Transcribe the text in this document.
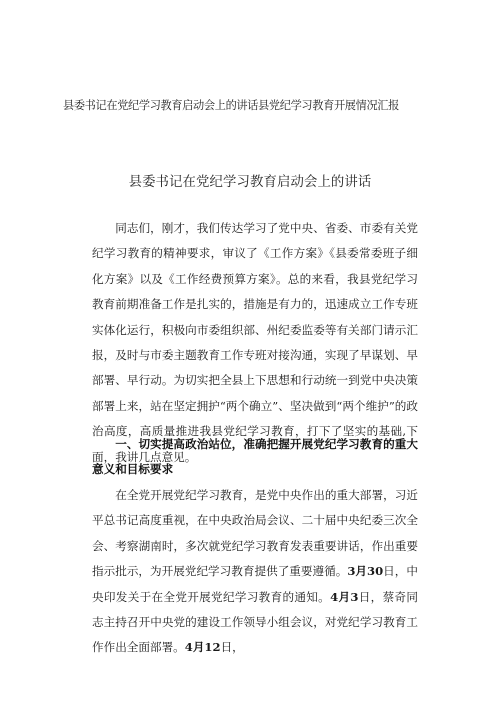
县委书记在党纪学习教育启动会上的讲话县党纪学习教育开展情况汇报
县委书记在党纪学习教育启动会上的讲话

同志们，刚才，我们传达学习了党中央、省委、市委有关党纪学习教育的精神要求，审议了《工作方案》《县委常委班子细化方案》以及《工作经费预算方案》。总的来看，我县党纪学习教育前期准备工作是扎实的，措施是有力的，迅速成立工作专班实体化运行，积极向市委组织部、州纪委监委等有关部门请示汇报，及时与市委主题教育工作专班对接沟通，实现了早谋划、早部署、早行动。为切实把全县上下思想和行动统一到党中央决策部署上来，站在坚定拥护“两个确立”、坚决做到“两个维护”的政治高度，高质量推进我县党纪学习教育，打下了坚实的基础,下面，我讲几点意见。

一、切实提高政治站位，准确把握开展党纪学习教育的重大意义和目标要求

在全党开展党纪学习教育，是党中央作出的重大部署，习近平总书记高度重视，在中央政治局会议、二十届中央纪委三次全会、考察湖南时，多次就党纪学习教育发表重要讲话，作出重要指示批示，为开展党纪学习教育提供了重要遵循。3月30日，中央印发关于在全党开展党纪学习教育的通知。4月3日，蔡奇同志主持召开中央党的建设工作领导小组会议，对党纪学习教育工作作出全面部署。4月12日，
